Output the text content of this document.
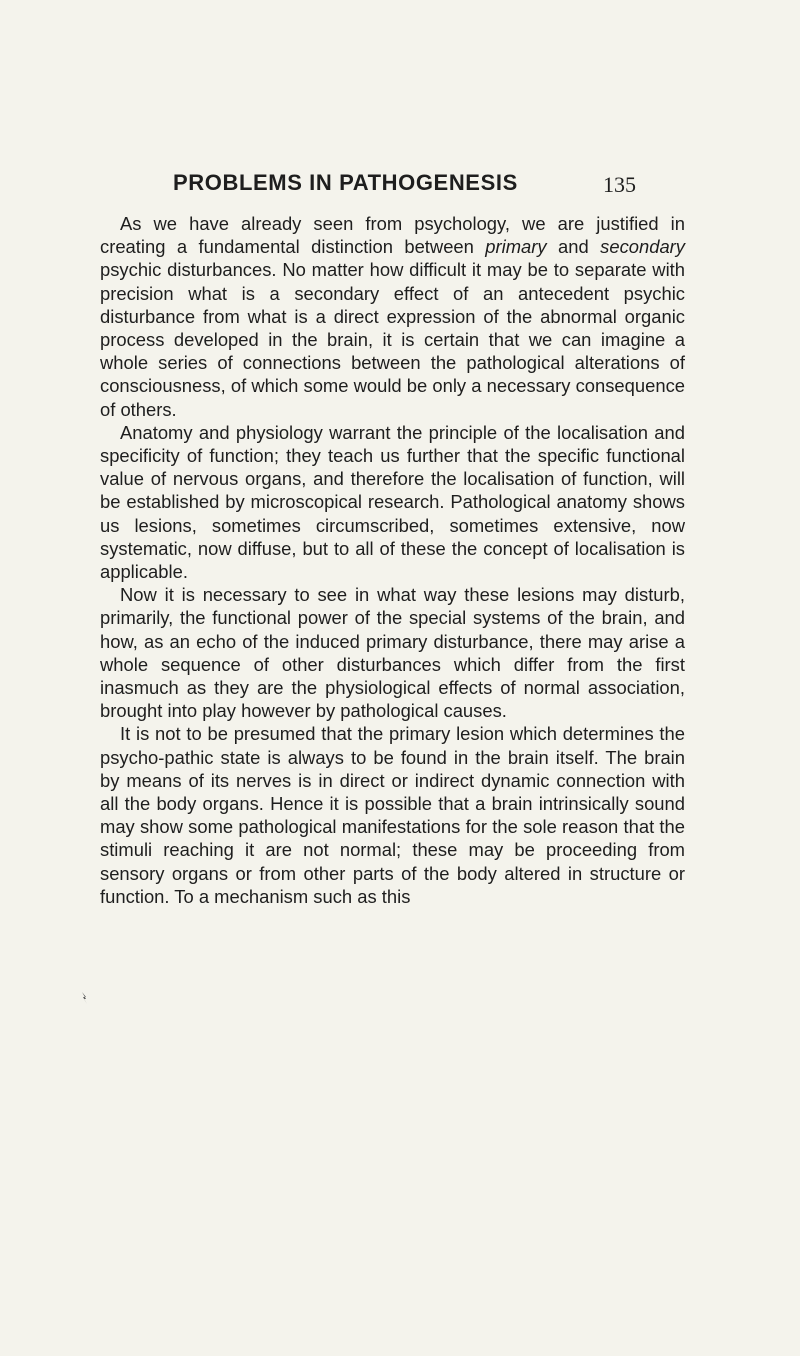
PROBLEMS IN PATHOGENESIS	135

As we have already seen from psychology, we are justified in creating a fundamental distinction between primary and secondary psychic disturbances. No matter how difficult it may be to separate with precision what is a secondary effect of an antecedent psychic disturbance from what is a direct expression of the abnormal organic process developed in the brain, it is certain that we can imagine a whole series of connections between the pathological alterations of consciousness, of which some would be only a necessary consequence of others.

Anatomy and physiology warrant the principle of the localisation and specificity of function; they teach us further that the specific functional value of nervous organs, and therefore the localisation of function, will be established by microscopical research. Pathological anatomy shows us lesions, sometimes circumscribed, sometimes extensive, now systematic, now diffuse, but to all of these the concept of localisation is applicable.

Now it is necessary to see in what way these lesions may disturb, primarily, the functional power of the special systems of the brain, and how, as an echo of the induced primary disturbance, there may arise a whole sequence of other disturbances which differ from the first inasmuch as they are the physiological effects of normal association, brought into play however by pathological causes.

It is not to be presumed that the primary lesion which determines the psycho-pathic state is always to be found in the brain itself. The brain by means of its nerves is in direct or indirect dynamic connection with all the body organs. Hence it is possible that a brain intrinsically sound may show some pathological manifestations for the sole reason that the stimuli reaching it are not normal; these may be proceeding from sensory organs or from other parts of the body altered in structure or function. To a mechanism such as this
